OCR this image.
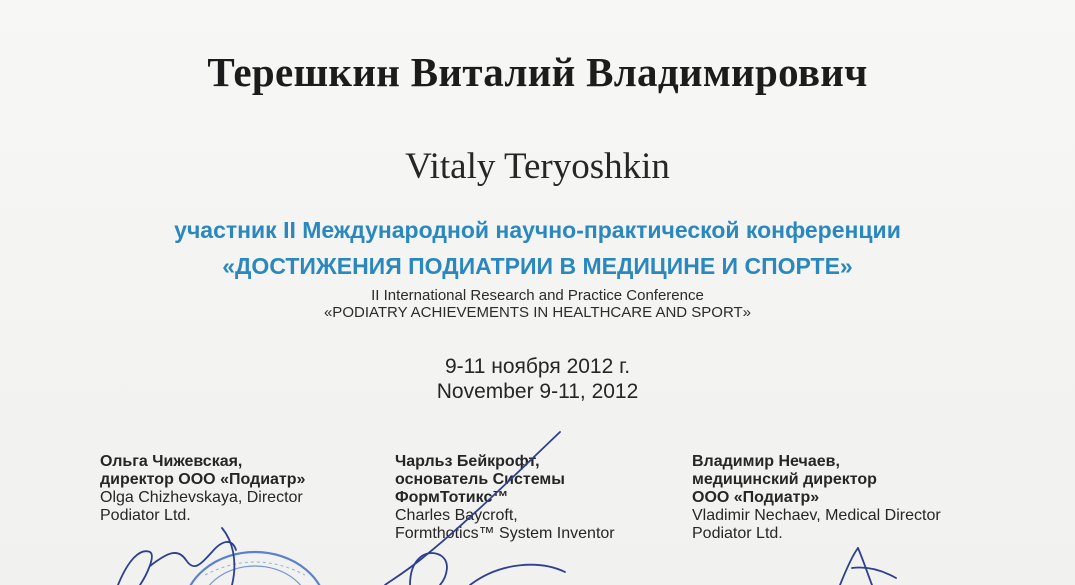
Терешкин Виталий Владимирович
Vitaly Teryoshkin
участник II Международной научно-практической конференции
«ДОСТИЖЕНИЯ ПОДИАТРИИ В МЕДИЦИНЕ И СПОРТЕ»
II International Research and Practice Conference
«PODIATRY ACHIEVEMENTS IN HEALTHCARE AND SPORT»
9-11 ноября 2012 г.
November 9-11, 2012
Ольга Чижевская,
директор ООО «Подиатр»
Olga Chizhevskaya, Director
Podiator Ltd.
Чарльз Бейкрофт,
основатель Системы
ФормТотикс™
Charles Baycroft,
Formthotics™ System Inventor
Владимир Нечаев,
медицинский директор
ООО «Подиатр»
Vladimir Nechaev, Medical Director
Podiator Ltd.
